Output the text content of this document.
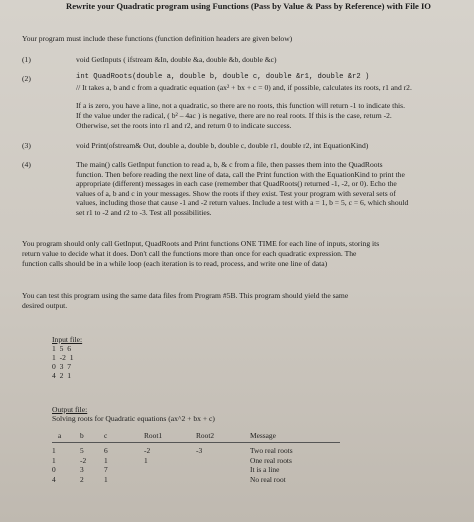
Rewrite your Quadratic program using Functions (Pass by Value & Pass by Reference) with File IO
Your program must include these functions (function definition headers are given below)
(1)	void GetInputs ( ifstream &In, double &a, double &b, double &c)
(2)	int QuadRoots(double a, double b, double c, double &r1, double &r2 )
// It takes a, b and c from a quadratic equation (ax² + bx + c = 0) and, if possible, calculates its roots, r1 and r2.
If a is zero, you have a line, not a quadratic, so there are no roots, this function will return -1 to indicate this.
If the value under the radical, ( b² – 4ac ) is negative, there are no real roots. If this is the case, return -2.
Otherwise, set the roots into r1 and r2, and return 0 to indicate success.
(3)	void Print(ofstream& Out, double a, double b, double c, double r1, double r2, int EquationKind)
(4)	The main() calls GetInput function to read a, b, & c from a file, then passes them into the QuadRoots
function. Then before reading the next line of data, call the Print function with the EquationKind to print the
appropriate (different) messages in each case (remember that QuadRoots() returned -1, -2, or 0). Echo the
values of a, b and c in your messages. Show the roots if they exist. Test your program with several sets of
values, including those that cause -1 and -2 return values. Include a test with a = 1, b = 5, c = 6, which should
set r1 to -2 and r2 to -3. Test all possibilities.
You program should only call GetInput, QuadRoots and Print functions ONE TIME for each line of inputs, storing its
return value to decide what it does. Don't call the functions more than once for each quadratic expression. The
function calls should be in a while loop (each iteration is to read, process, and write one line of data)
You can test this program using the same data files from Program #5B. This program should yield the same
desired output.
Input file:
1  5  6
1  -2  1
0  3  7
4  2  1
Output file:
Solving roots for Quadratic equations (ax^2 + bx + c)
a	b	c	Root1	Root2	Message
1	5	6	-2	-3	Two real roots
1	-2	1	1		One real roots
0	3	7			It is a line
4	2	1			No real root
